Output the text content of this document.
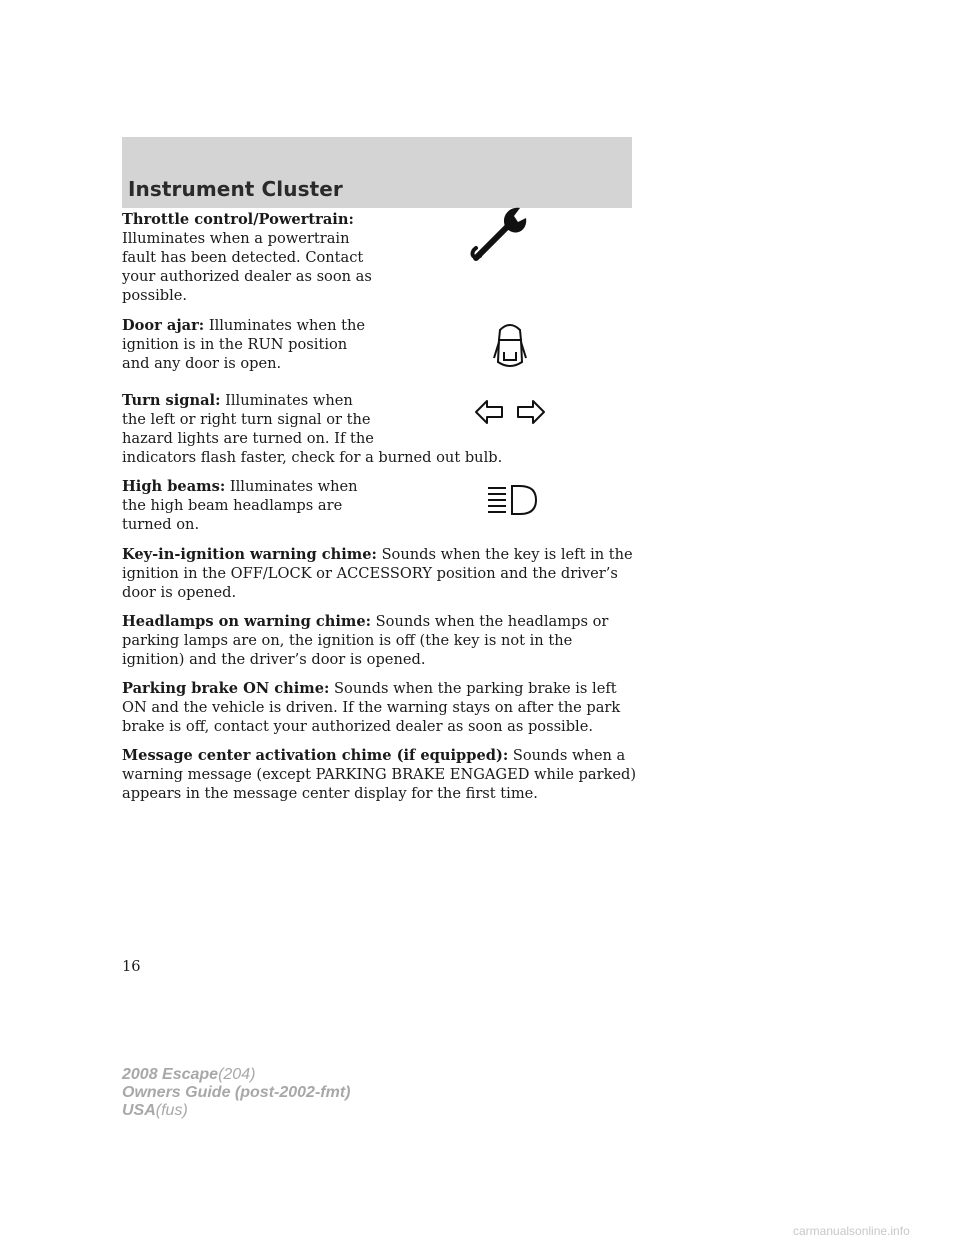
Instrument Cluster
Throttle control/Powertrain:
Illuminates when a powertrain fault has been detected. Contact your authorized dealer as soon as possible.
Door ajar: Illuminates when the ignition is in the RUN position and any door is open.
Turn signal: Illuminates when the left or right turn signal or the hazard lights are turned on. If the
indicators flash faster, check for a burned out bulb.
High beams: Illuminates when the high beam headlamps are turned on.
Key-in-ignition warning chime: Sounds when the key is left in the ignition in the OFF/LOCK or ACCESSORY position and the driver’s door is opened.
Headlamps on warning chime: Sounds when the headlamps or parking lamps are on, the ignition is off (the key is not in the ignition) and the driver’s door is opened.
Parking brake ON chime: Sounds when the parking brake is left ON and the vehicle is driven. If the warning stays on after the park brake is off, contact your authorized dealer as soon as possible.
Message center activation chime (if equipped): Sounds when a warning message (except PARKING BRAKE ENGAGED while parked) appears in the message center display for the first time.
16
2008 Escape(204)
Owners Guide (post-2002-fmt)
USA(fus)
carmanualsonline.info
